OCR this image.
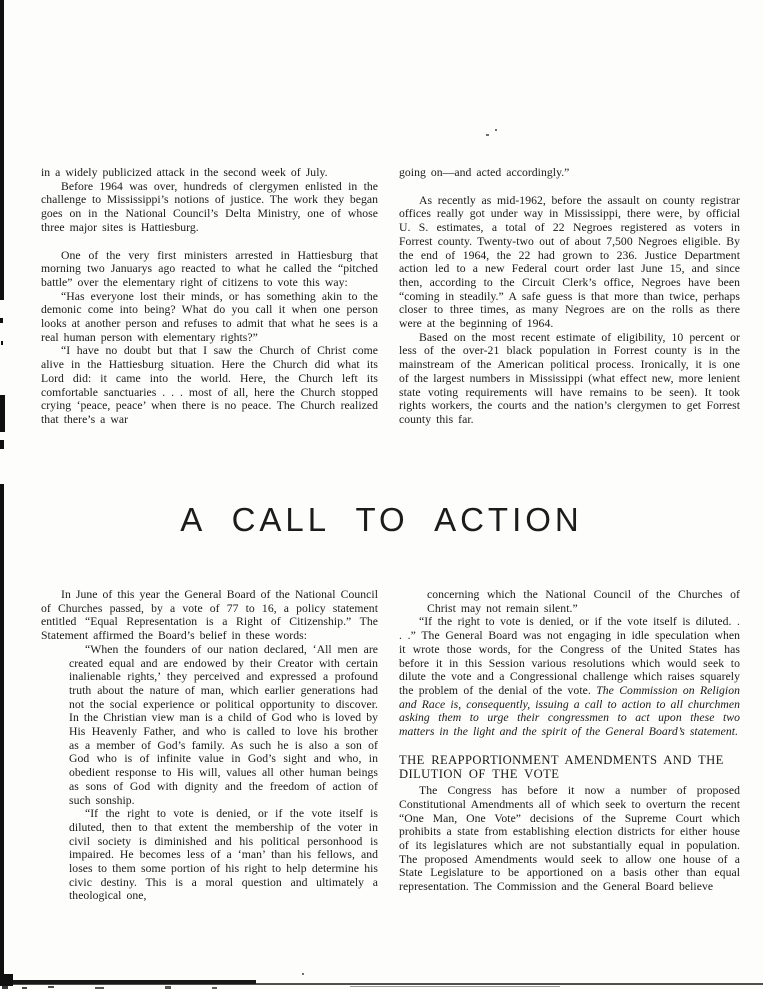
in a widely publicized attack in the second week of July.

Before 1964 was over, hundreds of clergymen enlisted in the challenge to Mississippi’s notions of justice. The work they began goes on in the National Council’s Delta Ministry, one of whose three major sites is Hattiesburg.

One of the very first ministers arrested in Hattiesburg that morning two Januarys ago reacted to what he called the “pitched battle” over the elementary right of citizens to vote this way:

“Has everyone lost their minds, or has something akin to the demonic come into being? What do you call it when one person looks at another person and refuses to admit that what he sees is a real human person with elementary rights?”

“I have no doubt but that I saw the Church of Christ come alive in the Hattiesburg situation. Here the Church did what its Lord did: it came into the world. Here, the Church left its comfortable sanctuaries . . . most of all, here the Church stopped crying ‘peace, peace’ when there is no peace. The Church realized that there’s a war

going on—and acted accordingly.”

As recently as mid-1962, before the assault on county registrar offices really got under way in Mississippi, there were, by official U. S. estimates, a total of 22 Negroes registered as voters in Forrest county. Twenty-two out of about 7,500 Negroes eligible. By the end of 1964, the 22 had grown to 236. Justice Department action led to a new Federal court order last June 15, and since then, according to the Circuit Clerk’s office, Negroes have been “coming in steadily.” A safe guess is that more than twice, perhaps closer to three times, as many Negroes are on the rolls as there were at the beginning of 1964.

Based on the most recent estimate of eligibility, 10 percent or less of the over-21 black population in Forrest county is in the mainstream of the American political process. Ironically, it is one of the largest numbers in Mississippi (what effect new, more lenient state voting requirements will have remains to be seen). It took rights workers, the courts and the nation’s clergymen to get Forrest county this far.

A CALL TO ACTION

In June of this year the General Board of the National Council of Churches passed, by a vote of 77 to 16, a policy statement entitled “Equal Representation is a Right of Citizenship.” The Statement affirmed the Board’s belief in these words:

“When the founders of our nation declared, ‘All men are created equal and are endowed by their Creator with certain inalienable rights,’ they perceived and expressed a profound truth about the nature of man, which earlier generations had not the social experience or political opportunity to discover. In the Christian view man is a child of God who is loved by His Heavenly Father, and who is called to love his brother as a member of God’s family. As such he is also a son of God who is of infinite value in God’s sight and who, in obedient response to His will, values all other human beings as sons of God with dignity and the freedom of action of such sonship.

“If the right to vote is denied, or if the vote itself is diluted, then to that extent the membership of the voter in civil society is diminished and his political personhood is impaired. He becomes less of a ‘man’ than his fellows, and loses to them some portion of his right to help determine his civic destiny. This is a moral question and ultimately a theological one,

concerning which the National Council of the Churches of Christ may not remain silent.”

“If the right to vote is denied, or if the vote itself is diluted. . . .” The General Board was not engaging in idle speculation when it wrote those words, for the Congress of the United States has before it in this Session various resolutions which would seek to dilute the vote and a Congressional challenge which raises squarely the problem of the denial of the vote. The Commission on Religion and Race is, consequently, issuing a call to action to all churchmen asking them to urge their congressmen to act upon these two matters in the light and the spirit of the General Board’s statement.

THE REAPPORTIONMENT AMENDMENTS AND THE DILUTION OF THE VOTE

The Congress has before it now a number of proposed Constitutional Amendments all of which seek to overturn the recent “One Man, One Vote” decisions of the Supreme Court which prohibits a state from establishing election districts for either house of its legislatures which are not substantially equal in population. The proposed Amendments would seek to allow one house of a State Legislature to be apportioned on a basis other than equal representation. The Commission and the General Board believe
